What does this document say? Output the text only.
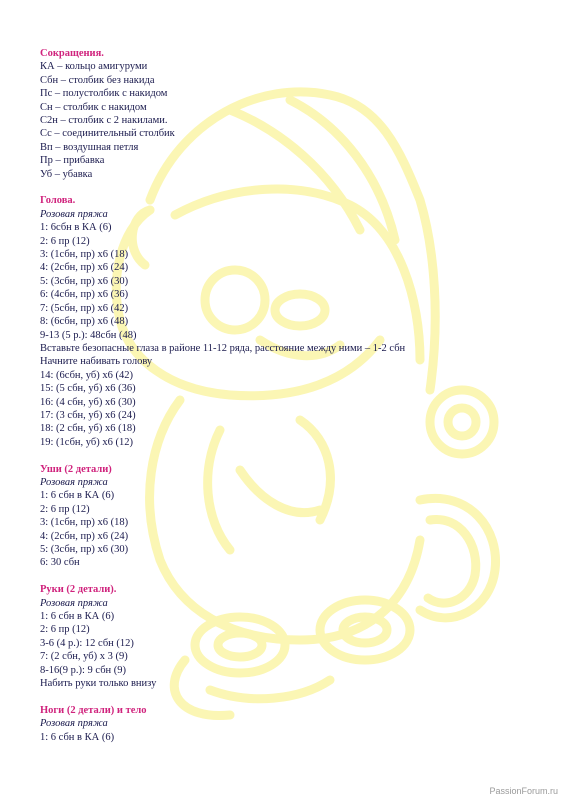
Сокращения.
КА – кольцо амигуруми
Сбн – столбик без накида
Пс – полустолбик с накидом
Сн – столбик с накидом
С2н – столбик с 2 накилами.
Сс – соединительный столбик
Вп – воздушная петля
Пр – прибавка
Уб – убавка
Голова.
Розовая пряжа
1: 6сбн в КА (6)
2: 6 пр (12)
3: (1сбн, пр) х6 (18)
4: (2сбн, пр) х6 (24)
5: (3сбн, пр) х6 (30)
6: (4сбн, пр) х6 (36)
7: (5сбн, пр) х6 (42)
8: (6сбн, пр) х6 (48)
9-13 (5 р.): 48сбн (48)
Вставьте безопасные глаза в районе 11-12 ряда, расстояние между ними – 1-2 сбн
Начните набивать голову
14: (6сбн, уб) х6 (42)
15: (5 сбн, уб) х6 (36)
16: (4 сбн, уб) х6 (30)
17: (3 сбн, уб) х6 (24)
18: (2 сбн, уб) х6 (18)
19: (1сбн, уб) х6 (12)
Уши (2 детали)
Розовая пряжа
1: 6 сбн в КА (6)
2: 6 пр (12)
3: (1сбн, пр) х6 (18)
4: (2сбн, пр) х6 (24)
5: (3сбн, пр) х6 (30)
6: 30 сбн
Руки (2 детали).
Розовая пряжа
1: 6 сбн в КА (6)
2: 6 пр (12)
3-6 (4 р.): 12 сбн (12)
7: (2 сбн, уб) х 3 (9)
8-16(9 р.): 9 сбн (9)
Набить руки только внизу
Ноги (2 детали) и тело
Розовая пряжа
1: 6 сбн в КА (6)
PassionForum.ru
